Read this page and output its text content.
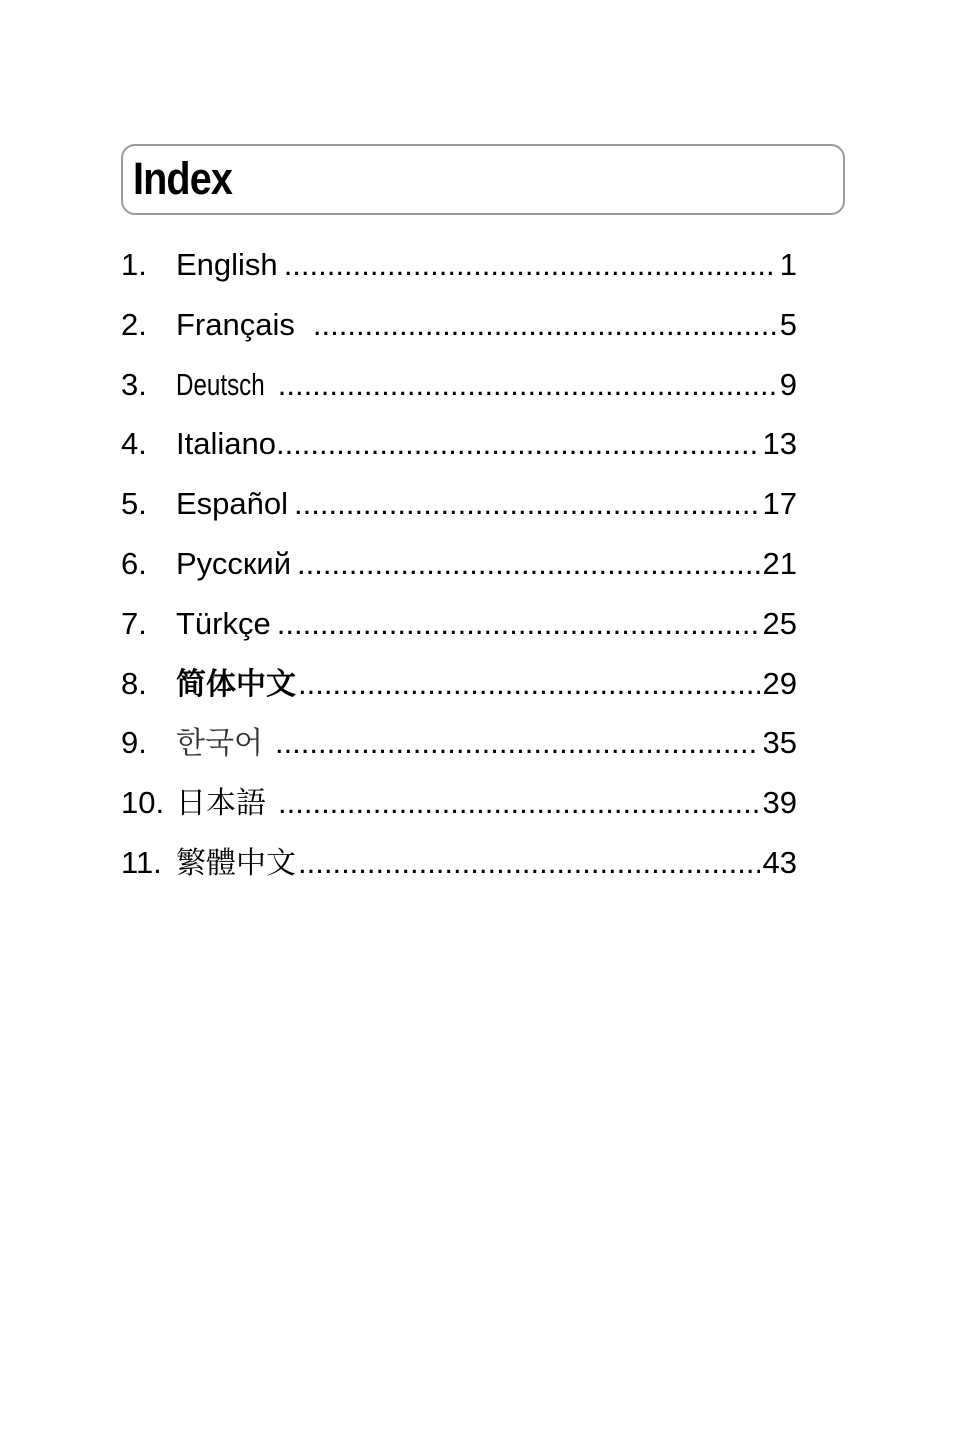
Index
1. English .....	1
2. Français .....	5
3. Deutsch .....	9
4. Italiano .....	13
5. Español .....	17
6. Русский .....	21
7. Türkçe .....	25
8. 简体中文 .....	29
9. 한국어 .....	35
10. 日本語 .....	39
11. 繁體中文 .....	43
